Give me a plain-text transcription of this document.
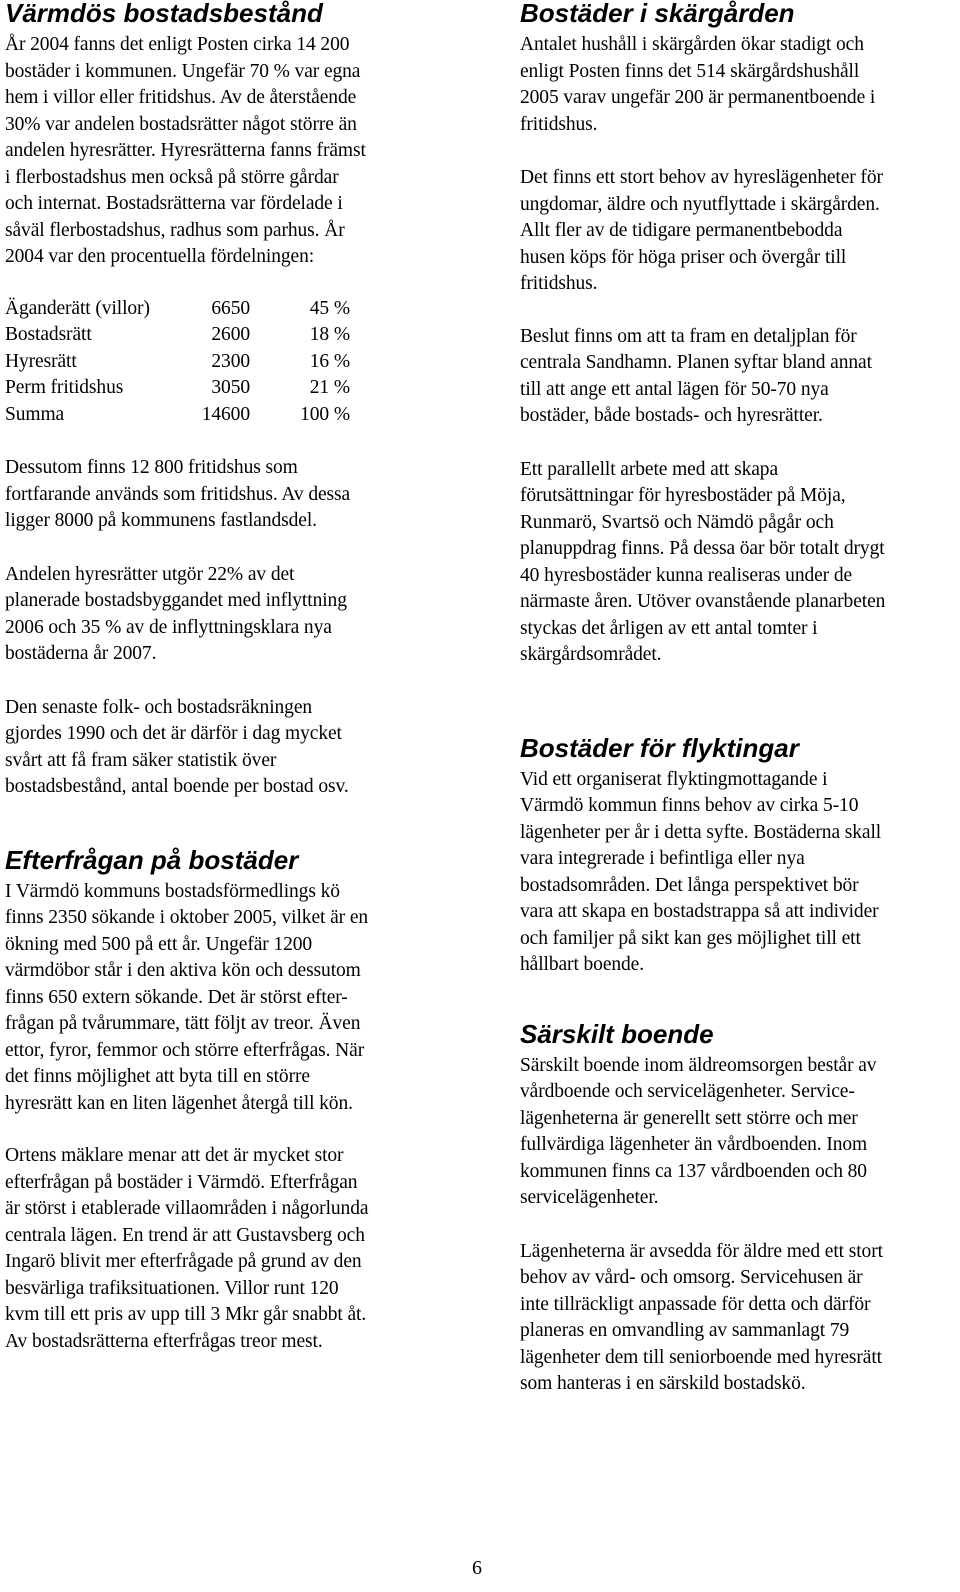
Värmdös bostadsbestånd

År 2004 fanns det enligt Posten cirka 14 200
bostäder i kommunen. Ungefär 70 % var egna
hem i villor eller fritidshus. Av de återstående
30% var andelen bostadsrätter något större än
andelen hyresrätter. Hyresrätterna fanns främst
i flerbostadshus men också på större gårdar
och internat. Bostadsrätterna var fördelade i
såväl flerbostadshus, radhus som parhus. År
2004 var den procentuella fördelningen:

Äganderätt (villor)	6650	45 %
Bostadsrätt	2600	18 %
Hyresrätt	2300	16 %
Perm fritidshus	3050	21 %
Summa	14600	100 %

Dessutom finns 12 800 fritidshus som
fortfarande används som fritidshus. Av dessa
ligger 8000 på kommunens fastlandsdel.

Andelen hyresrätter utgör 22% av det
planerade bostadsbyggandet med inflyttning
2006 och 35 % av de inflyttningsklara nya
bostäderna år 2007.

Den senaste folk- och bostadsräkningen
gjordes 1990 och det är därför i dag mycket
svårt att få fram säker statistik över
bostadsbestånd, antal boende per bostad osv.

Efterfrågan på bostäder

I Värmdö kommuns bostadsförmedlings kö
finns 2350 sökande i oktober 2005, vilket är en
ökning med 500 på ett år. Ungefär 1200
värmdöbor står i den aktiva kön och dessutom
finns 650 extern sökande. Det är störst efter-
frågan på tvårummare, tätt följt av treor. Även
ettor, fyror, femmor och större efterfrågas. När
det finns möjlighet att byta till en större
hyresrätt kan en liten lägenhet återgå till kön.

Ortens mäklare menar att det är mycket stor
efterfrågan på bostäder i Värmdö. Efterfrågan
är störst i etablerade villaområden i någorlunda
centrala lägen. En trend är att Gustavsberg och
Ingarö blivit mer efterfrågade på grund av den
besvärliga trafiksituationen. Villor runt 120
kvm till ett pris av upp till 3 Mkr går snabbt åt.
Av bostadsrätterna efterfrågas treor mest.

Bostäder i skärgården

Antalet hushåll i skärgården ökar stadigt och
enligt Posten finns det 514 skärgårdshushåll
2005 varav ungefär 200 är permanentboende i
fritidshus.

Det finns ett stort behov av hyreslägenheter för
ungdomar, äldre och nyutflyttade i skärgården.
Allt fler av de tidigare permanentbebodda
husen köps för höga priser och övergår till
fritidshus.

Beslut finns om att ta fram en detaljplan för
centrala Sandhamn. Planen syftar bland annat
till att ange ett antal lägen för 50-70 nya
bostäder, både bostads- och hyresrätter.

Ett parallellt arbete med att skapa
förutsättningar för hyresbostäder på Möja,
Runmarö, Svartsö och Nämdö pågår och
planuppdrag finns. På dessa öar bör totalt drygt
40 hyresbostäder kunna realiseras under de
närmaste åren. Utöver ovanstående planarbeten
styckas det årligen av ett antal tomter i
skärgårdsområdet.

Bostäder för flyktingar

Vid ett organiserat flyktingmottagande i
Värmdö kommun finns behov av cirka 5-10
lägenheter per år i detta syfte. Bostäderna skall
vara integrerade i befintliga eller nya
bostadsområden. Det långa perspektivet bör
vara att skapa en bostadstrappa så att individer
och familjer på sikt kan ges möjlighet till ett
hållbart boende.

Särskilt boende

Särskilt boende inom äldreomsorgen består av
vårdboende och servicelägenheter. Service-
lägenheterna är generellt sett större och mer
fullvärdiga lägenheter än vårdboenden. Inom
kommunen finns ca 137 vårdboenden och 80
servicelägenheter.

Lägenheterna är avsedda för äldre med ett stort
behov av vård- och omsorg. Servicehusen är
inte tillräckligt anpassade för detta och därför
planeras en omvandling av sammanlagt 79
lägenheter dem till seniorboende med hyresrätt
som hanteras i en särskild bostadskö.

6
